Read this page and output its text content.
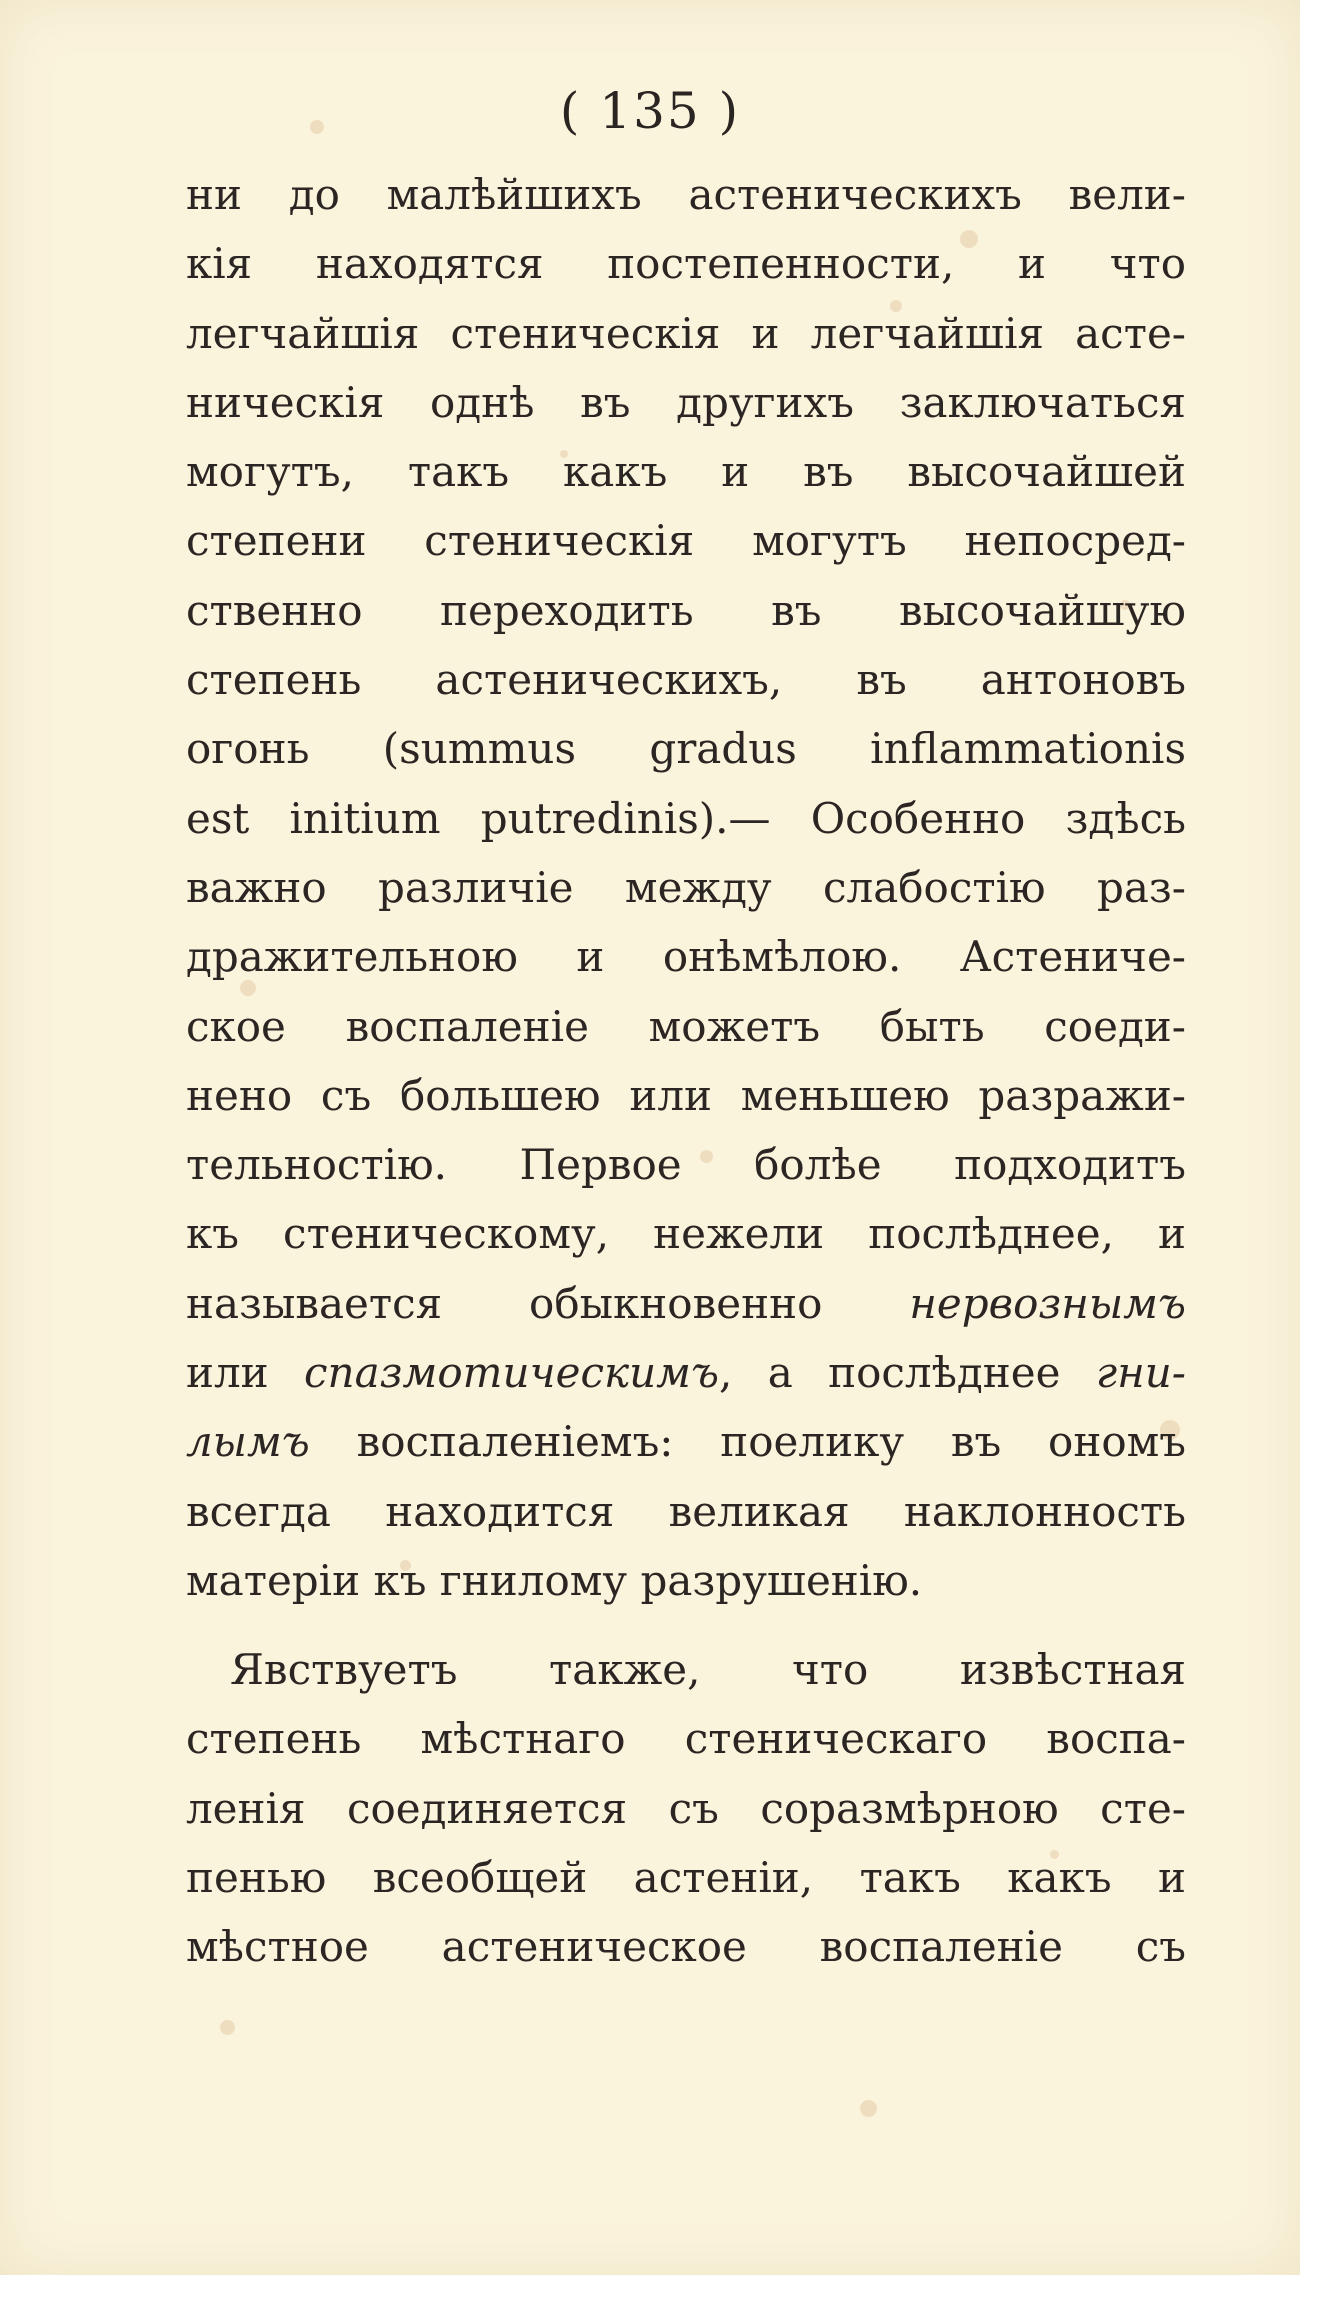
( 135 )
ни до малѣйшихъ астеническихъ вели-
кія находятся постепенности, и что
легчайшія стеническія и легчайшія асте-
ническія однѣ въ другихъ заключаться
могутъ, такъ какъ и въ высочайшей
степени стеническія могутъ непосред-
ственно переходить въ высочайшую
степень астеническихъ, въ антоновъ
огонь (summus gradus inflammationis
est initium putredinis).— Особенно здѣсь
важно различіе между слабостію раз-
дражительною и онѣмѣлою. Астениче-
ское воспаленіе можетъ быть соеди-
нено съ большею или меньшею разражи-
тельностію. Первое болѣе подходитъ
къ стеническому, нежели послѣднее, и
называется обыкновенно нервознымъ
или спазмотическимъ, а послѣднее гни-
лымъ воспаленіемъ: поелику въ ономъ
всегда находится великая наклонность
матеріи къ гнилому разрушенію.
Явствуетъ также, что извѣстная
степень мѣстнаго стеническаго воспа-
ленія соединяется съ соразмѣрною сте-
пенью всеобщей астеніи, такъ какъ и
мѣстное астеническое воспаленіе съ
